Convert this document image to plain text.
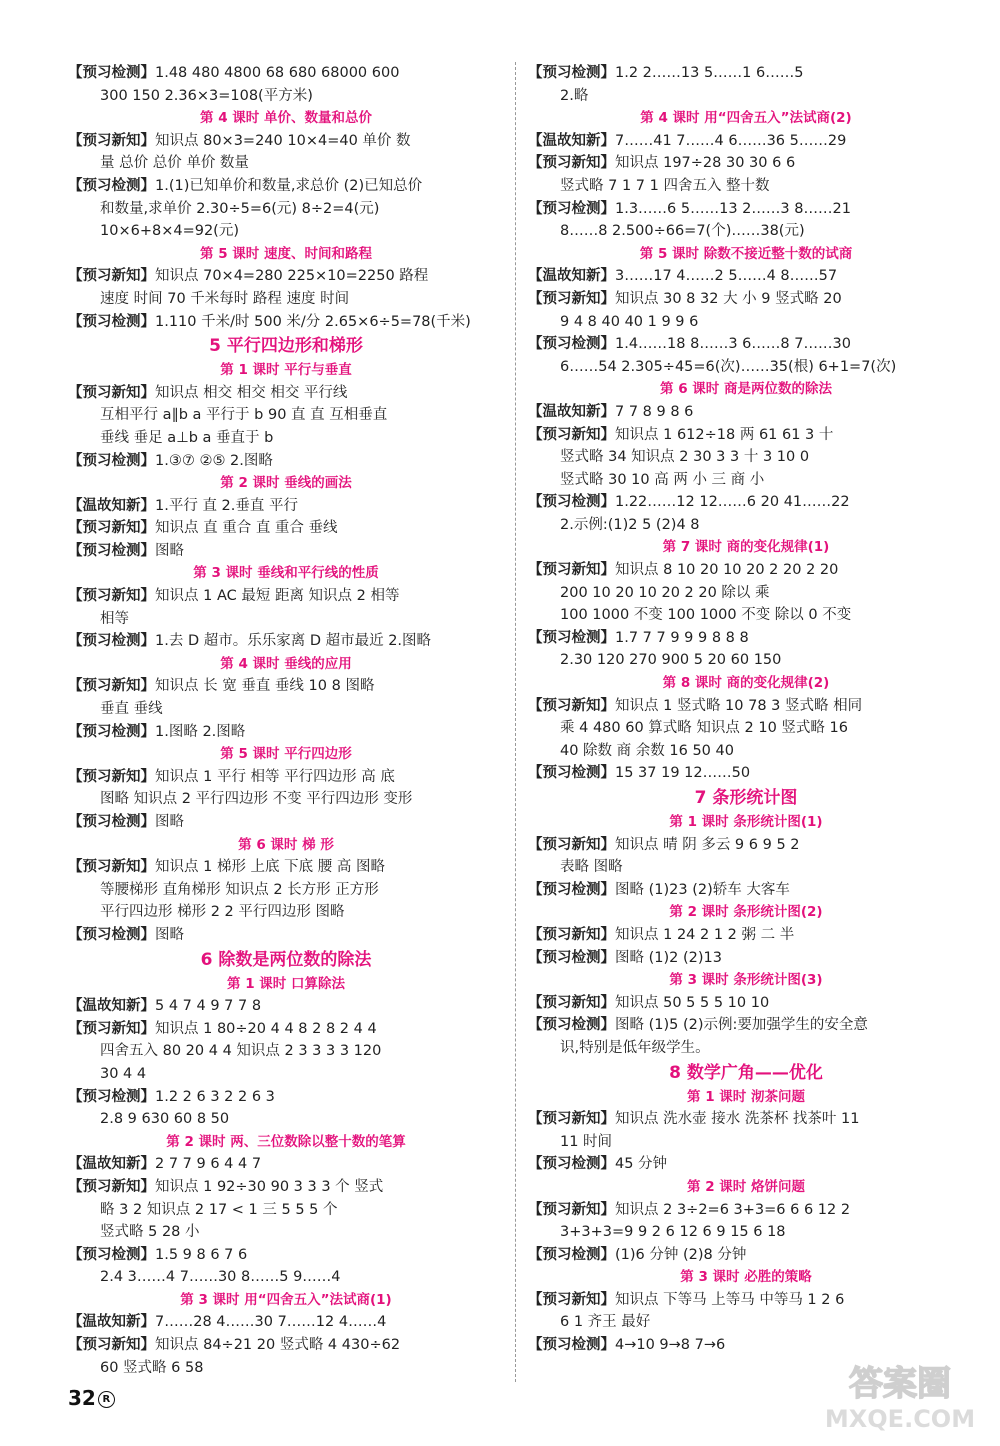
【预习检测】1.48 480 4800 68 680 68000 600

300 150 2.36×3=108(平方米)

第 4 课时 单价、数量和总价

【预习新知】知识点 80×3=240 10×4=40 单价 数

量 总价 总价 单价 数量

【预习检测】1.(1)已知单价和数量,求总价 (2)已知总价

和数量,求单价 2.30÷5=6(元) 8÷2=4(元)

10×6+8×4=92(元)

第 5 课时 速度、时间和路程

【预习新知】知识点 70×4=280 225×10=2250 路程

速度 时间 70 千米每时 路程 速度 时间

【预习检测】1.110 千米/时 500 米/分 2.65×6÷5=78(千米)

5 平行四边形和梯形
第 1 课时 平行与垂直

【预习新知】知识点 相交 相交 相交 平行线

互相平行 a∥b a 平行于 b 90 直 直 互相垂直

垂线 垂足 a⊥b a 垂直于 b

【预习检测】1.③⑦ ②⑤ 2.图略

第 2 课时 垂线的画法

【温故知新】1.平行 直 2.垂直 平行

【预习新知】知识点 直 重合 直 重合 垂线

【预习检测】图略

第 3 课时 垂线和平行线的性质

【预习新知】知识点 1 AC 最短 距离 知识点 2 相等

相等

【预习检测】1.去 D 超市。乐乐家离 D 超市最近 2.图略

第 4 课时 垂线的应用

【预习新知】知识点 长 宽 垂直 垂线 10 8 图略

垂直 垂线

【预习检测】1.图略 2.图略

第 5 课时 平行四边形

【预习新知】知识点 1 平行 相等 平行四边形 高 底

图略 知识点 2 平行四边形 不变 平行四边形 变形

【预习检测】图略

第 6 课时 梯 形

【预习新知】知识点 1 梯形 上底 下底 腰 高 图略

等腰梯形 直角梯形 知识点 2 长方形 正方形

平行四边形 梯形 2 2 平行四边形 图略

【预习检测】图略

6 除数是两位数的除法
第 1 课时 口算除法

【温故知新】5 4 7 4 9 7 7 8

【预习新知】知识点 1 80÷20 4 4 8 2 8 2 4 4

四舍五入 80 20 4 4 知识点 2 3 3 3 3 120

30 4 4

【预习检测】1.2 2 6 3 2 2 6 3

2.8 9 630 60 8 50

第 2 课时 两、三位数除以整十数的笔算

【温故知新】2 7 7 9 6 4 4 7

【预习新知】知识点 1 92÷30 90 3 3 3 个 竖式

略 3 2 知识点 2 17 < 1 三 5 5 5 个

竖式略 5 28 小

【预习检测】1.5 9 8 6 7 6

2.4 3……4 7……30 8……5 9……4

第 3 课时 用“四舍五入”法试商(1)

【温故知新】7……28 4……30 7……12 4……4

【预习新知】知识点 84÷21 20 竖式略 4 430÷62

60 竖式略 6 58

【预习检测】1.2 2……13 5……1 6……5

2.略

第 4 课时 用“四舍五入”法试商(2)

【温故知新】7……41 7……4 6……36 5……29

【预习新知】知识点 197÷28 30 30 6 6

竖式略 7 1 7 1 四舍五入 整十数

【预习检测】1.3……6 5……13 2……3 8……21

8……8 2.500÷66=7(个)……38(元)

第 5 课时 除数不接近整十数的试商

【温故知新】3……17 4……2 5……4 8……57

【预习新知】知识点 30 8 32 大 小 9 竖式略 20

9 4 8 40 40 1 9 9 6

【预习检测】1.4……18 8……3 6……8 7……30

6……54 2.305÷45=6(次)……35(根) 6+1=7(次)

第 6 课时 商是两位数的除法

【温故知新】7 7 8 9 8 6

【预习新知】知识点 1 612÷18 两 61 61 3 十

竖式略 34 知识点 2 30 3 3 十 3 10 0

竖式略 30 10 高 两 小 三 商 小

【预习检测】1.22……12 12……6 20 41……22

2.示例:(1)2 5 (2)4 8

第 7 课时 商的变化规律(1)

【预习新知】知识点 8 10 20 10 20 2 20 2 20

200 10 20 10 20 2 20 除以 乘

100 1000 不变 100 1000 不变 除以 0 不变

【预习检测】1.7 7 7 9 9 9 8 8 8

2.30 120 270 900 5 20 60 150

第 8 课时 商的变化规律(2)

【预习新知】知识点 1 竖式略 10 78 3 竖式略 相同

乘 4 480 60 算式略 知识点 2 10 竖式略 16

40 除数 商 余数 16 50 40

【预习检测】15 37 19 12……50

7 条形统计图
第 1 课时 条形统计图(1)

【预习新知】知识点 晴 阴 多云 9 6 9 5 2

表略 图略

【预习检测】图略 (1)23 (2)轿车 大客车

第 2 课时 条形统计图(2)

【预习新知】知识点 1 24 2 1 2 粥 二 半

【预习检测】图略 (1)2 (2)13

第 3 课时 条形统计图(3)

【预习新知】知识点 50 5 5 5 10 10

【预习检测】图略 (1)5 (2)示例:要加强学生的安全意

识,特别是低年级学生。

8 数学广角——优化
第 1 课时 沏茶问题

【预习新知】知识点 洗水壶 接水 洗茶杯 找茶叶 11

11 时间

【预习检测】45 分钟

第 2 课时 烙饼问题

【预习新知】知识点 2 3÷2=6 3+3=6 6 6 12 2

3+3+3=9 9 2 6 12 6 9 15 6 18

【预习检测】(1)6 分钟 (2)8 分钟

第 3 课时 必胜的策略

【预习新知】知识点 下等马 上等马 中等马 1 2 6

6 1 齐王 最好

【预习检测】4→10 9→8 7→6

32 R	答案圈
MXQE.COM
